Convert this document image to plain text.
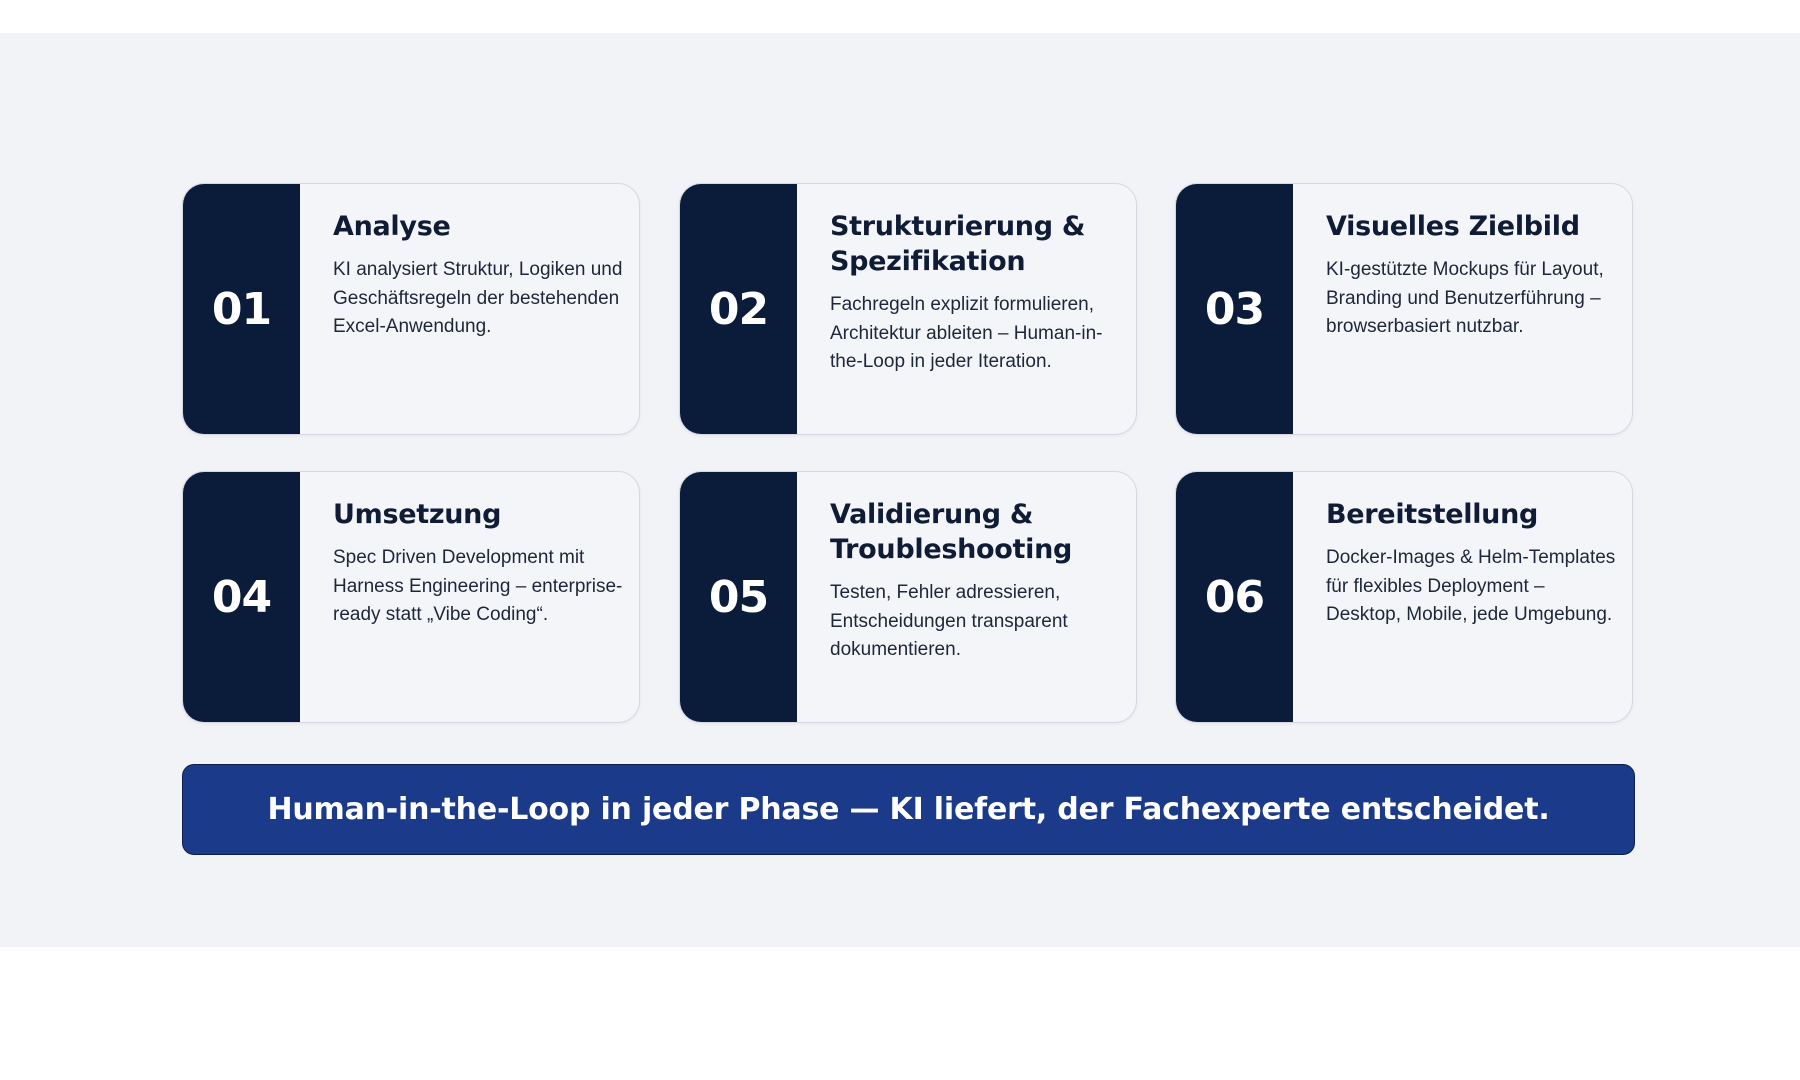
01
Analyse

KI analysiert Struktur, Logiken und Geschäftsregeln der bestehenden Excel-Anwendung.	02
Strukturierung & Spezifikation

Fachregeln explizit formulieren, Architektur ableiten – Human-in-the-Loop in jeder Iteration.

03
Visuelles Zielbild

KI-gestützte Mockups für Layout, Branding und Benutzerführung – browserbasiert nutzbar.

04
Umsetzung

Spec Driven Development mit Harness Engineering – enterprise-ready statt „Vibe Coding“.	05
Validierung & Troubleshooting

Testen, Fehler adressieren, Entscheidungen transparent dokumentieren.

06
Bereitstellung

Docker-Images & Helm-Templates für flexibles Deployment – Desktop, Mobile, jede Umgebung.

Human-in-the-Loop in jeder Phase — KI liefert, der Fachexperte entscheidet.
